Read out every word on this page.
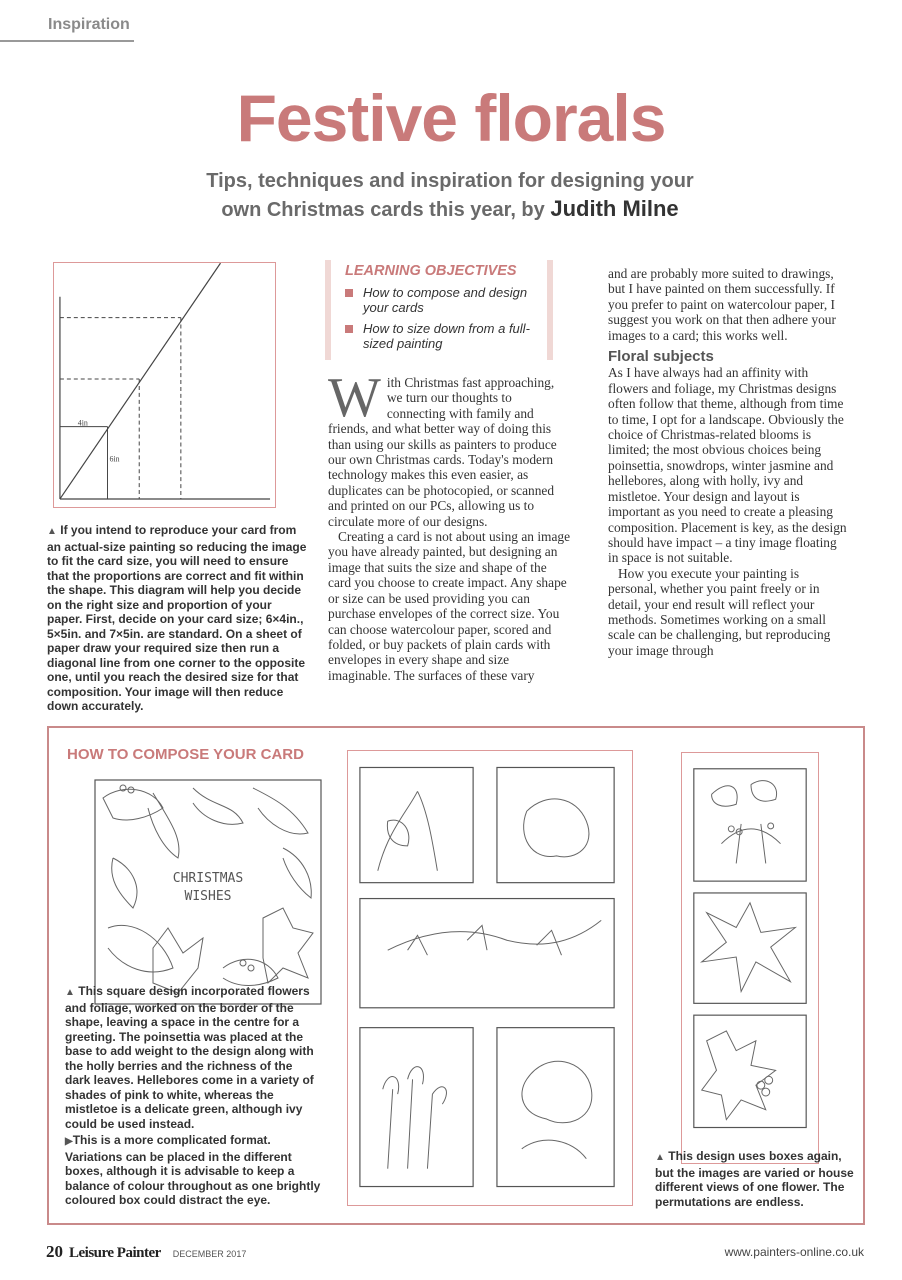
Inspiration
Festive florals
Tips, techniques and inspiration for designing your
own Christmas cards this year, by Judith Milne
4in
6in
▲ If you intend to reproduce your card from an actual-size painting so reducing the image to fit the card size, you will need to ensure that the proportions are correct and fit within the shape. This diagram will help you decide on the right size and proportion of your paper. First, decide on your card size; 6×4in., 5×5in. and 7×5in. are standard. On a sheet of paper draw your required size then run a diagonal line from one corner to the opposite one, until you reach the desired size for that composition. Your image will then reduce down accurately.
LEARNING OBJECTIVES
How to compose and design your cards
How to size down from a full-sized painting

W ith Christmas fast approaching, we turn our thoughts to connecting with family and friends, and what better way of doing this than using our skills as painters to produce our own Christmas cards. Today's modern technology makes this even easier, as duplicates can be photocopied, or scanned and printed on our PCs, allowing us to circulate more of our designs.

Creating a card is not about using an image you have already painted, but designing an image that suits the size and shape of the card you choose to create impact. Any shape or size can be used providing you can purchase envelopes of the correct size. You can choose watercolour paper, scored and folded, or buy packets of plain cards with envelopes in every shape and size imaginable. The surfaces of these vary

and are probably more suited to drawings, but I have painted on them successfully. If you prefer to paint on watercolour paper, I suggest you work on that then adhere your images to a card; this works well.

Floral subjects

As I have always had an affinity with flowers and foliage, my Christmas designs often follow that theme, although from time to time, I opt for a landscape. Obviously the choice of Christmas-related blooms is limited; the most obvious choices being poinsettia, snowdrops, winter jasmine and hellebores, along with holly, ivy and mistletoe. Your design and layout is important as you need to create a pleasing composition. Placement is key, as the design should have impact – a tiny image floating in space is not suitable.

How you execute your painting is personal, whether you paint freely or in detail, your end result will reflect your methods. Sometimes working on a small scale can be challenging, but reproducing your image through

HOW TO COMPOSE YOUR CARD
CHRISTMAS
WISHES
▲ This square design incorporated flowers and foliage, worked on the border of the shape, leaving a space in the centre for a greeting. The poinsettia was placed at the base to add weight to the design along with the holly berries and the richness of the dark leaves. Hellebores come in a variety of shades of pink to white, whereas the mistletoe is a delicate green, although ivy could be used instead.
▶This is a more complicated format. Variations can be placed in the different boxes, although it is advisable to keep a balance of colour throughout as one brightly coloured box could distract the eye.
▲ This design uses boxes again, but the images are varied or house different views of one flower. The permutations are endless.
20 Leisure Painter DECEMBER 2017	www.painters-online.co.uk
